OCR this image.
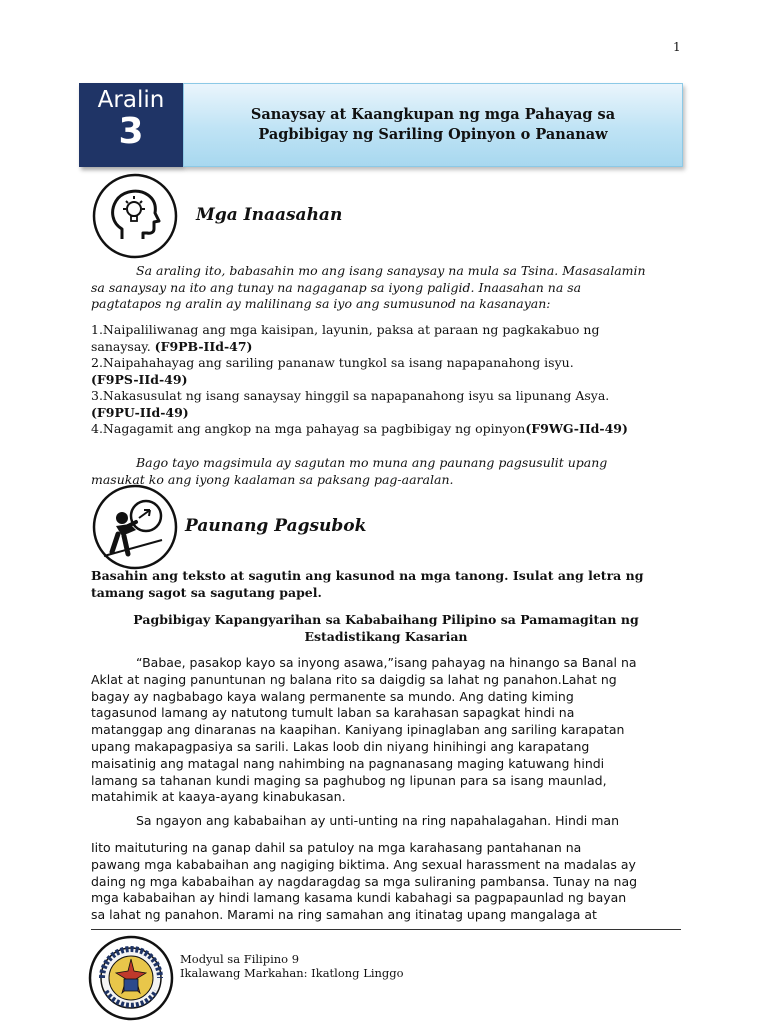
1
Aralin
3	Sanaysay at Kaangkupan ng mga Pahayag sa
Pagbibigay ng Sariling Opinyon o Pananaw
Mga Inaasahan
Sa araling ito, babasahin mo ang isang sanaysay na mula sa Tsina. Masasalamin
sa sanaysay na ito ang tunay na nagaganap sa iyong paligid. Inaasahan na sa
pagtatapos ng aralin ay malilinang sa iyo ang sumusunod na kasanayan:
1.Naipaliliwanag ang mga kaisipan, layunin, paksa at paraan ng pagkakabuo ng
sanaysay. (F9PB-IId-47)
2.Naipahahayag ang sariling pananaw tungkol sa isang napapanahong isyu.
(F9PS-IId-49)
3.Nakasusulat ng isang sanaysay hinggil sa napapanahong isyu sa lipunang Asya.
(F9PU-IId-49)
4.Nagagamit ang angkop na mga pahayag sa pagbibigay ng opinyon(F9WG-IId-49)
Bago tayo magsimula ay sagutan mo muna ang paunang pagsusulit upang
masukat ko ang iyong kaalaman sa paksang pag-aaralan.
Paunang Pagsubok
Basahin ang teksto at sagutin ang kasunod na mga tanong. Isulat ang letra ng
tamang sagot sa sagutang papel.
Pagbibigay Kapangyarihan sa Kababaihang Pilipino sa Pamamagitan ng
Estadistikang Kasarian
“Babae, pasakop kayo sa inyong asawa,”isang pahayag na hinango sa Banal na
Aklat at naging panuntunan ng balana rito sa daigdig sa lahat ng panahon.Lahat ng
bagay ay nagbabago kaya walang permanente sa mundo. Ang dating kiming
tagasunod lamang ay natutong tumult laban sa karahasan sapagkat hindi na
matanggap ang dinaranas na kaapihan. Kaniyang ipinaglaban ang sariling karapatan
upang makapagpasiya sa sarili. Lakas loob din niyang hinihingi ang karapatang
maisatinig ang matagal nang nahimbing na pagnanasang maging katuwang hindi
lamang sa tahanan kundi maging sa paghubog ng lipunan para sa isang maunlad,
matahimik at kaaya-ayang kinabukasan.
Sa ngayon ang kababaihan ay unti-unting na ring napahalagahan. Hindi man
Iito maituturing na ganap dahil sa patuloy na mga karahasang pantahanan na
pawang mga kababaihan ang nagiging biktima. Ang sexual harassment na madalas ay
daing ng mga kababaihan ay nagdaragdag sa mga suliraning pambansa. Tunay na nag
mga kababaihan ay hindi lamang kasama kundi kabahagi sa pagpapaunlad ng bayan
sa lahat ng panahon. Marami na ring samahan ang itinatag upang mangalaga at
Modyul sa Filipino 9
Ikalawang Markahan: Ikatlong Linggo
